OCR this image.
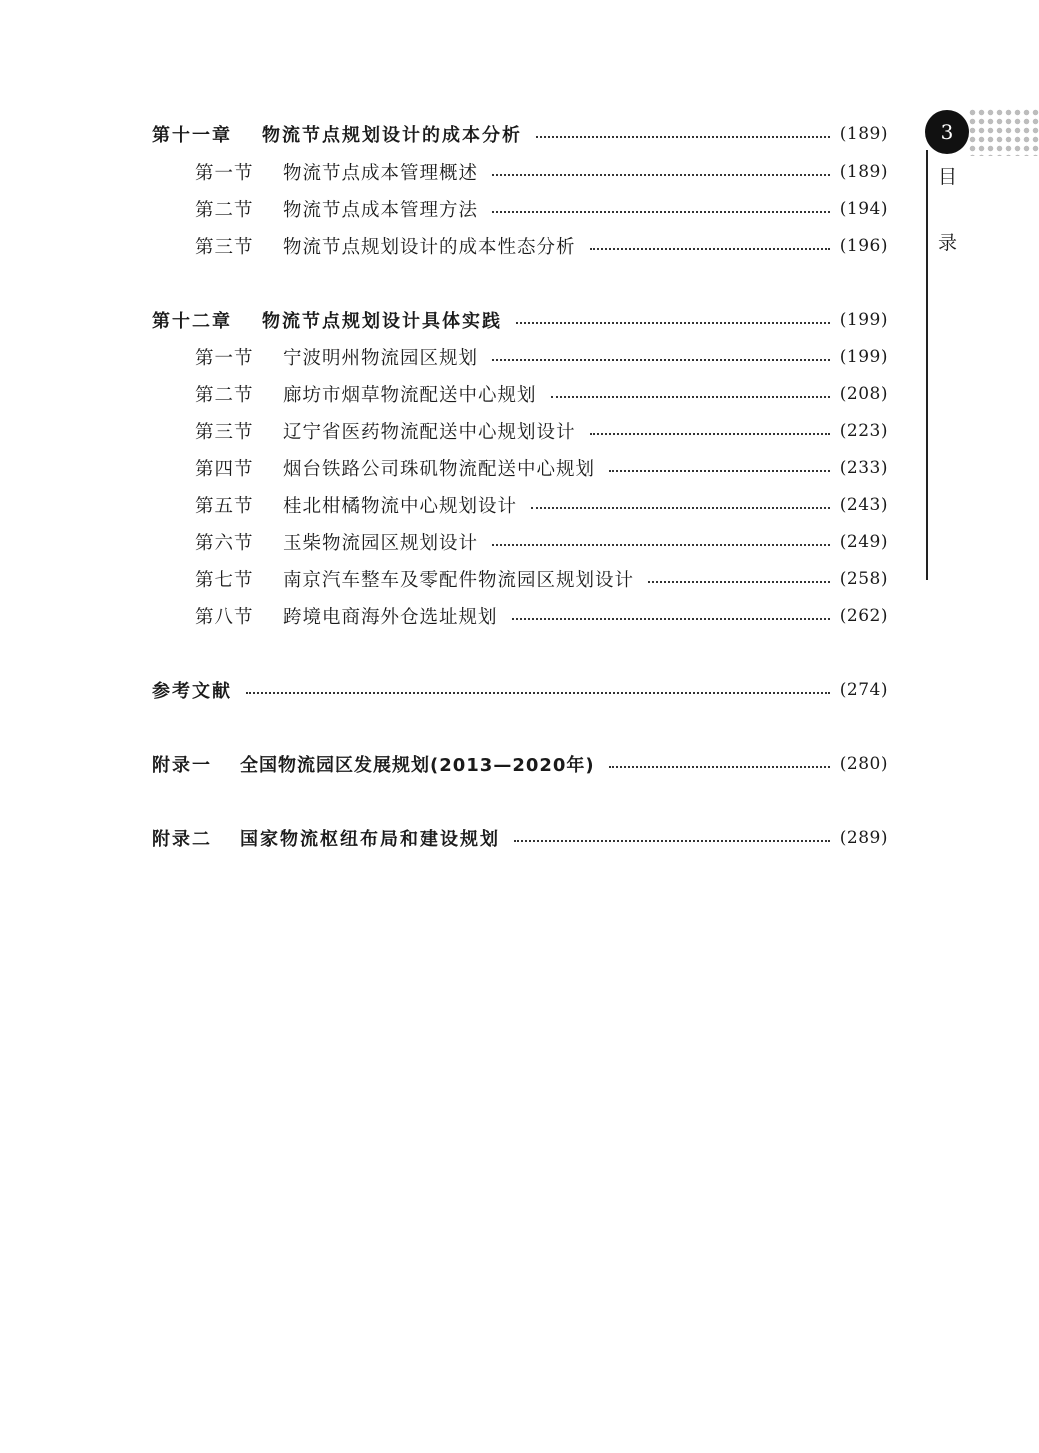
第十一章	物流节点规划设计的成本分析	(189)
第一节	物流节点成本管理概述	(189)
第二节	物流节点成本管理方法	(194)
第三节	物流节点规划设计的成本性态分析	(196)
第十二章	物流节点规划设计具体实践	(199)
第一节	宁波明州物流园区规划	(199)
第二节	廊坊市烟草物流配送中心规划	(208)
第三节	辽宁省医药物流配送中心规划设计	(223)
第四节	烟台铁路公司珠矶物流配送中心规划	(233)
第五节	桂北柑橘物流中心规划设计	(243)
第六节	玉柴物流园区规划设计	(249)
第七节	南京汽车整车及零配件物流园区规划设计	(258)
第八节	跨境电商海外仓选址规划	(262)
参考文献	(274)
附录一	全国物流园区发展规划(2013—2020年)	(280)
附录二	国家物流枢纽布局和建设规划	(289)
3
目
录
